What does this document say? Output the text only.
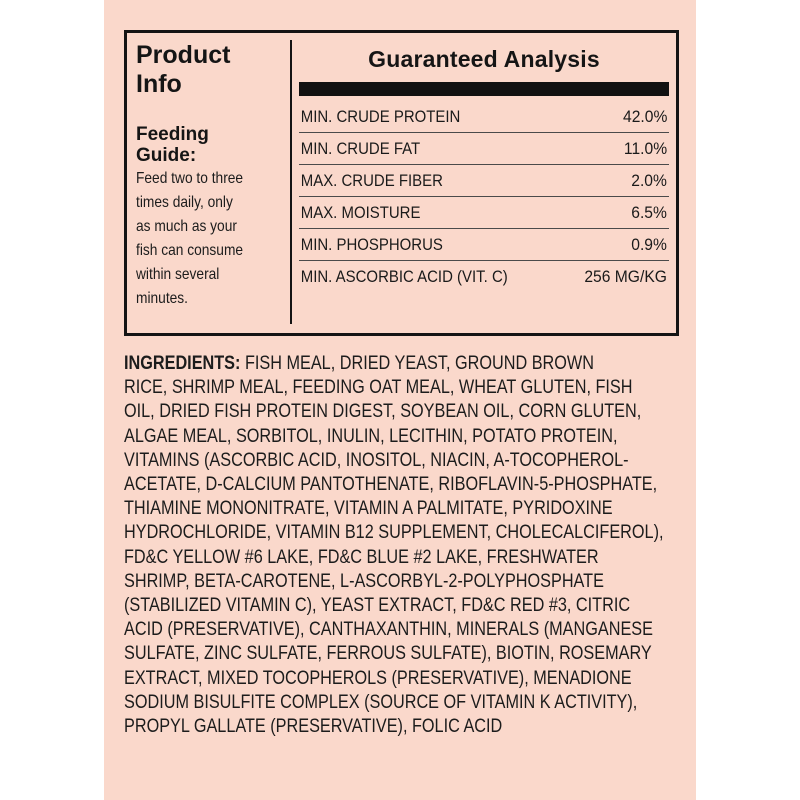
Product
Info
Feeding
Guide:
Feed two to three
times daily, only
as much as your
fish can consume
within several
minutes.
Guaranteed Analysis
MIN. CRUDE PROTEIN	42.0%
MIN. CRUDE FAT	11.0%
MAX. CRUDE FIBER	2.0%
MAX. MOISTURE	6.5%
MIN. PHOSPHORUS	0.9%
MIN. ASCORBIC ACID (VIT. C)	256 MG/KG

INGREDIENTS: FISH MEAL, DRIED YEAST, GROUND BROWN
RICE, SHRIMP MEAL, FEEDING OAT MEAL, WHEAT GLUTEN, FISH
OIL, DRIED FISH PROTEIN DIGEST, SOYBEAN OIL, CORN GLUTEN,
ALGAE MEAL, SORBITOL, INULIN, LECITHIN, POTATO PROTEIN,
VITAMINS (ASCORBIC ACID, INOSITOL, NIACIN, A-TOCOPHEROL-
ACETATE, D-CALCIUM PANTOTHENATE, RIBOFLAVIN-5-PHOSPHATE,
THIAMINE MONONITRATE, VITAMIN A PALMITATE, PYRIDOXINE
HYDROCHLORIDE, VITAMIN B12 SUPPLEMENT, CHOLECALCIFEROL),
FD&C YELLOW #6 LAKE, FD&C BLUE #2 LAKE, FRESHWATER
SHRIMP, BETA-CAROTENE, L-ASCORBYL-2-POLYPHOSPHATE
(STABILIZED VITAMIN C), YEAST EXTRACT, FD&C RED #3, CITRIC
ACID (PRESERVATIVE), CANTHAXANTHIN, MINERALS (MANGANESE
SULFATE, ZINC SULFATE, FERROUS SULFATE), BIOTIN, ROSEMARY
EXTRACT, MIXED TOCOPHEROLS (PRESERVATIVE), MENADIONE
SODIUM BISULFITE COMPLEX (SOURCE OF VITAMIN K ACTIVITY),
PROPYL GALLATE (PRESERVATIVE), FOLIC ACID
